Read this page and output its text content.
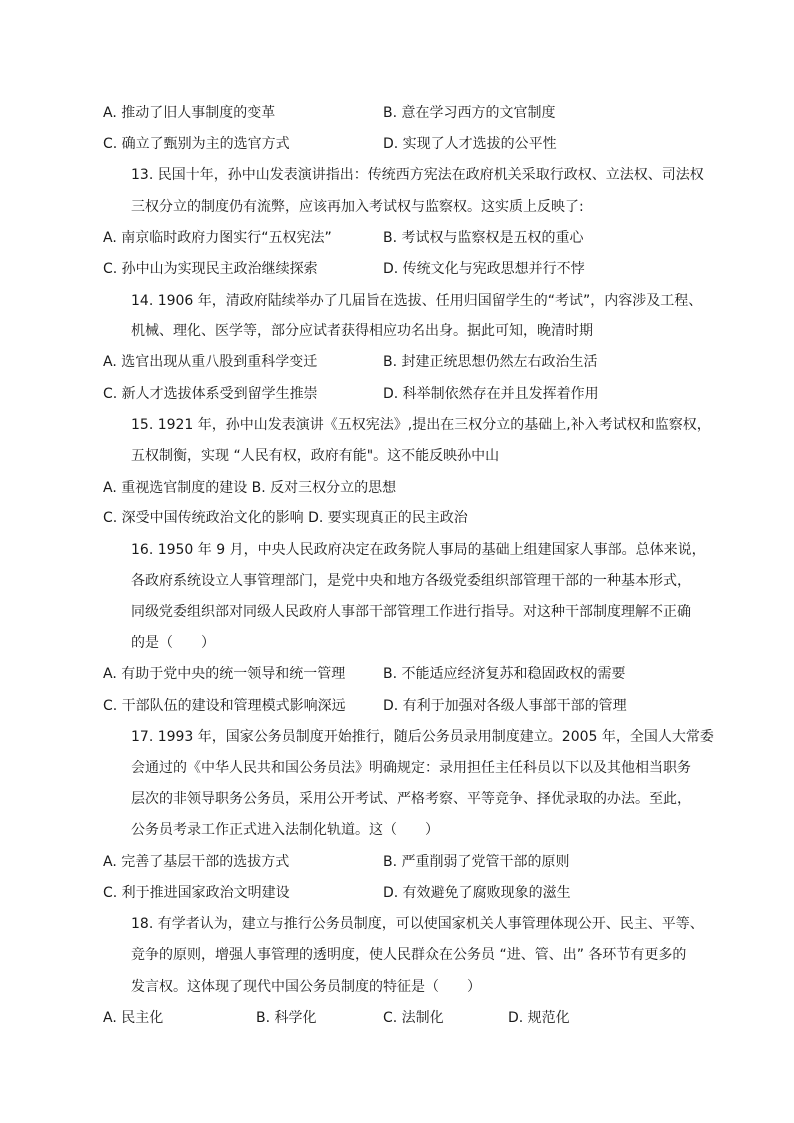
A. 推动了旧人事制度的变革	B. 意在学习西方的文官制度
C. 确立了甄别为主的选官方式	D. 实现了人才选拔的公平性
13. 民国十年，孙中山发表演讲指出：传统西方宪法在政府机关采取行政权、立法权、司法权
三权分立的制度仍有流弊，应该再加入考试权与监察权。这实质上反映了:
A. 南京临时政府力图实行“五权宪法”	B. 考试权与监察权是五权的重心
C. 孙中山为实现民主政治继续探索	D. 传统文化与宪政思想并行不悖
14. 1906 年，清政府陆续举办了几届旨在选拔、任用归国留学生的“考试”，内容涉及工程、
机械、理化、医学等，部分应试者获得相应功名出身。据此可知，晚清时期
A. 选官出现从重八股到重科学变迁	B. 封建正统思想仍然左右政治生活
C. 新人才选拔体系受到留学生推崇	D. 科举制依然存在并且发挥着作用
15. 1921 年，孙中山发表演讲《五权宪法》,提出在三权分立的基础上,补入考试权和监察权，
五权制衡，实现 “人民有权，政府有能"。这不能反映孙中山
A. 重视选官制度的建设 B. 反对三权分立的思想
C. 深受中国传统政治文化的影响 D. 要实现真正的民主政治
16. 1950 年 9 月，中央人民政府决定在政务院人事局的基础上组建国家人事部。总体来说，
各政府系统设立人事管理部门，是党中央和地方各级党委组织部管理干部的一种基本形式，
同级党委组织部对同级人民政府人事部干部管理工作进行指导。对这种干部制度理解不正确
的是（　　）
A. 有助于党中央的统一领导和统一管理	B. 不能适应经济复苏和稳固政权的需要
C. 干部队伍的建设和管理模式影响深远	D. 有利于加强对各级人事部干部的管理
17. 1993 年，国家公务员制度开始推行，随后公务员录用制度建立。2005 年，全国人大常委
会通过的《中华人民共和国公务员法》明确规定：录用担任主任科员以下以及其他相当职务
层次的非领导职务公务员，采用公开考试、严格考察、平等竞争、择优录取的办法。至此，
公务员考录工作正式进入法制化轨道。这（　　）
A. 完善了基层干部的选拔方式	B. 严重削弱了党管干部的原则
C. 利于推进国家政治文明建设	D. 有效避免了腐败现象的滋生
18. 有学者认为，建立与推行公务员制度，可以使国家机关人事管理体现公开、民主、平等、
竞争的原则，增强人事管理的透明度，使人民群众在公务员 “进、管、出” 各环节有更多的
发言权。这体现了现代中国公务员制度的特征是（　　）
A. 民主化	B. 科学化	C. 法制化	D. 规范化
